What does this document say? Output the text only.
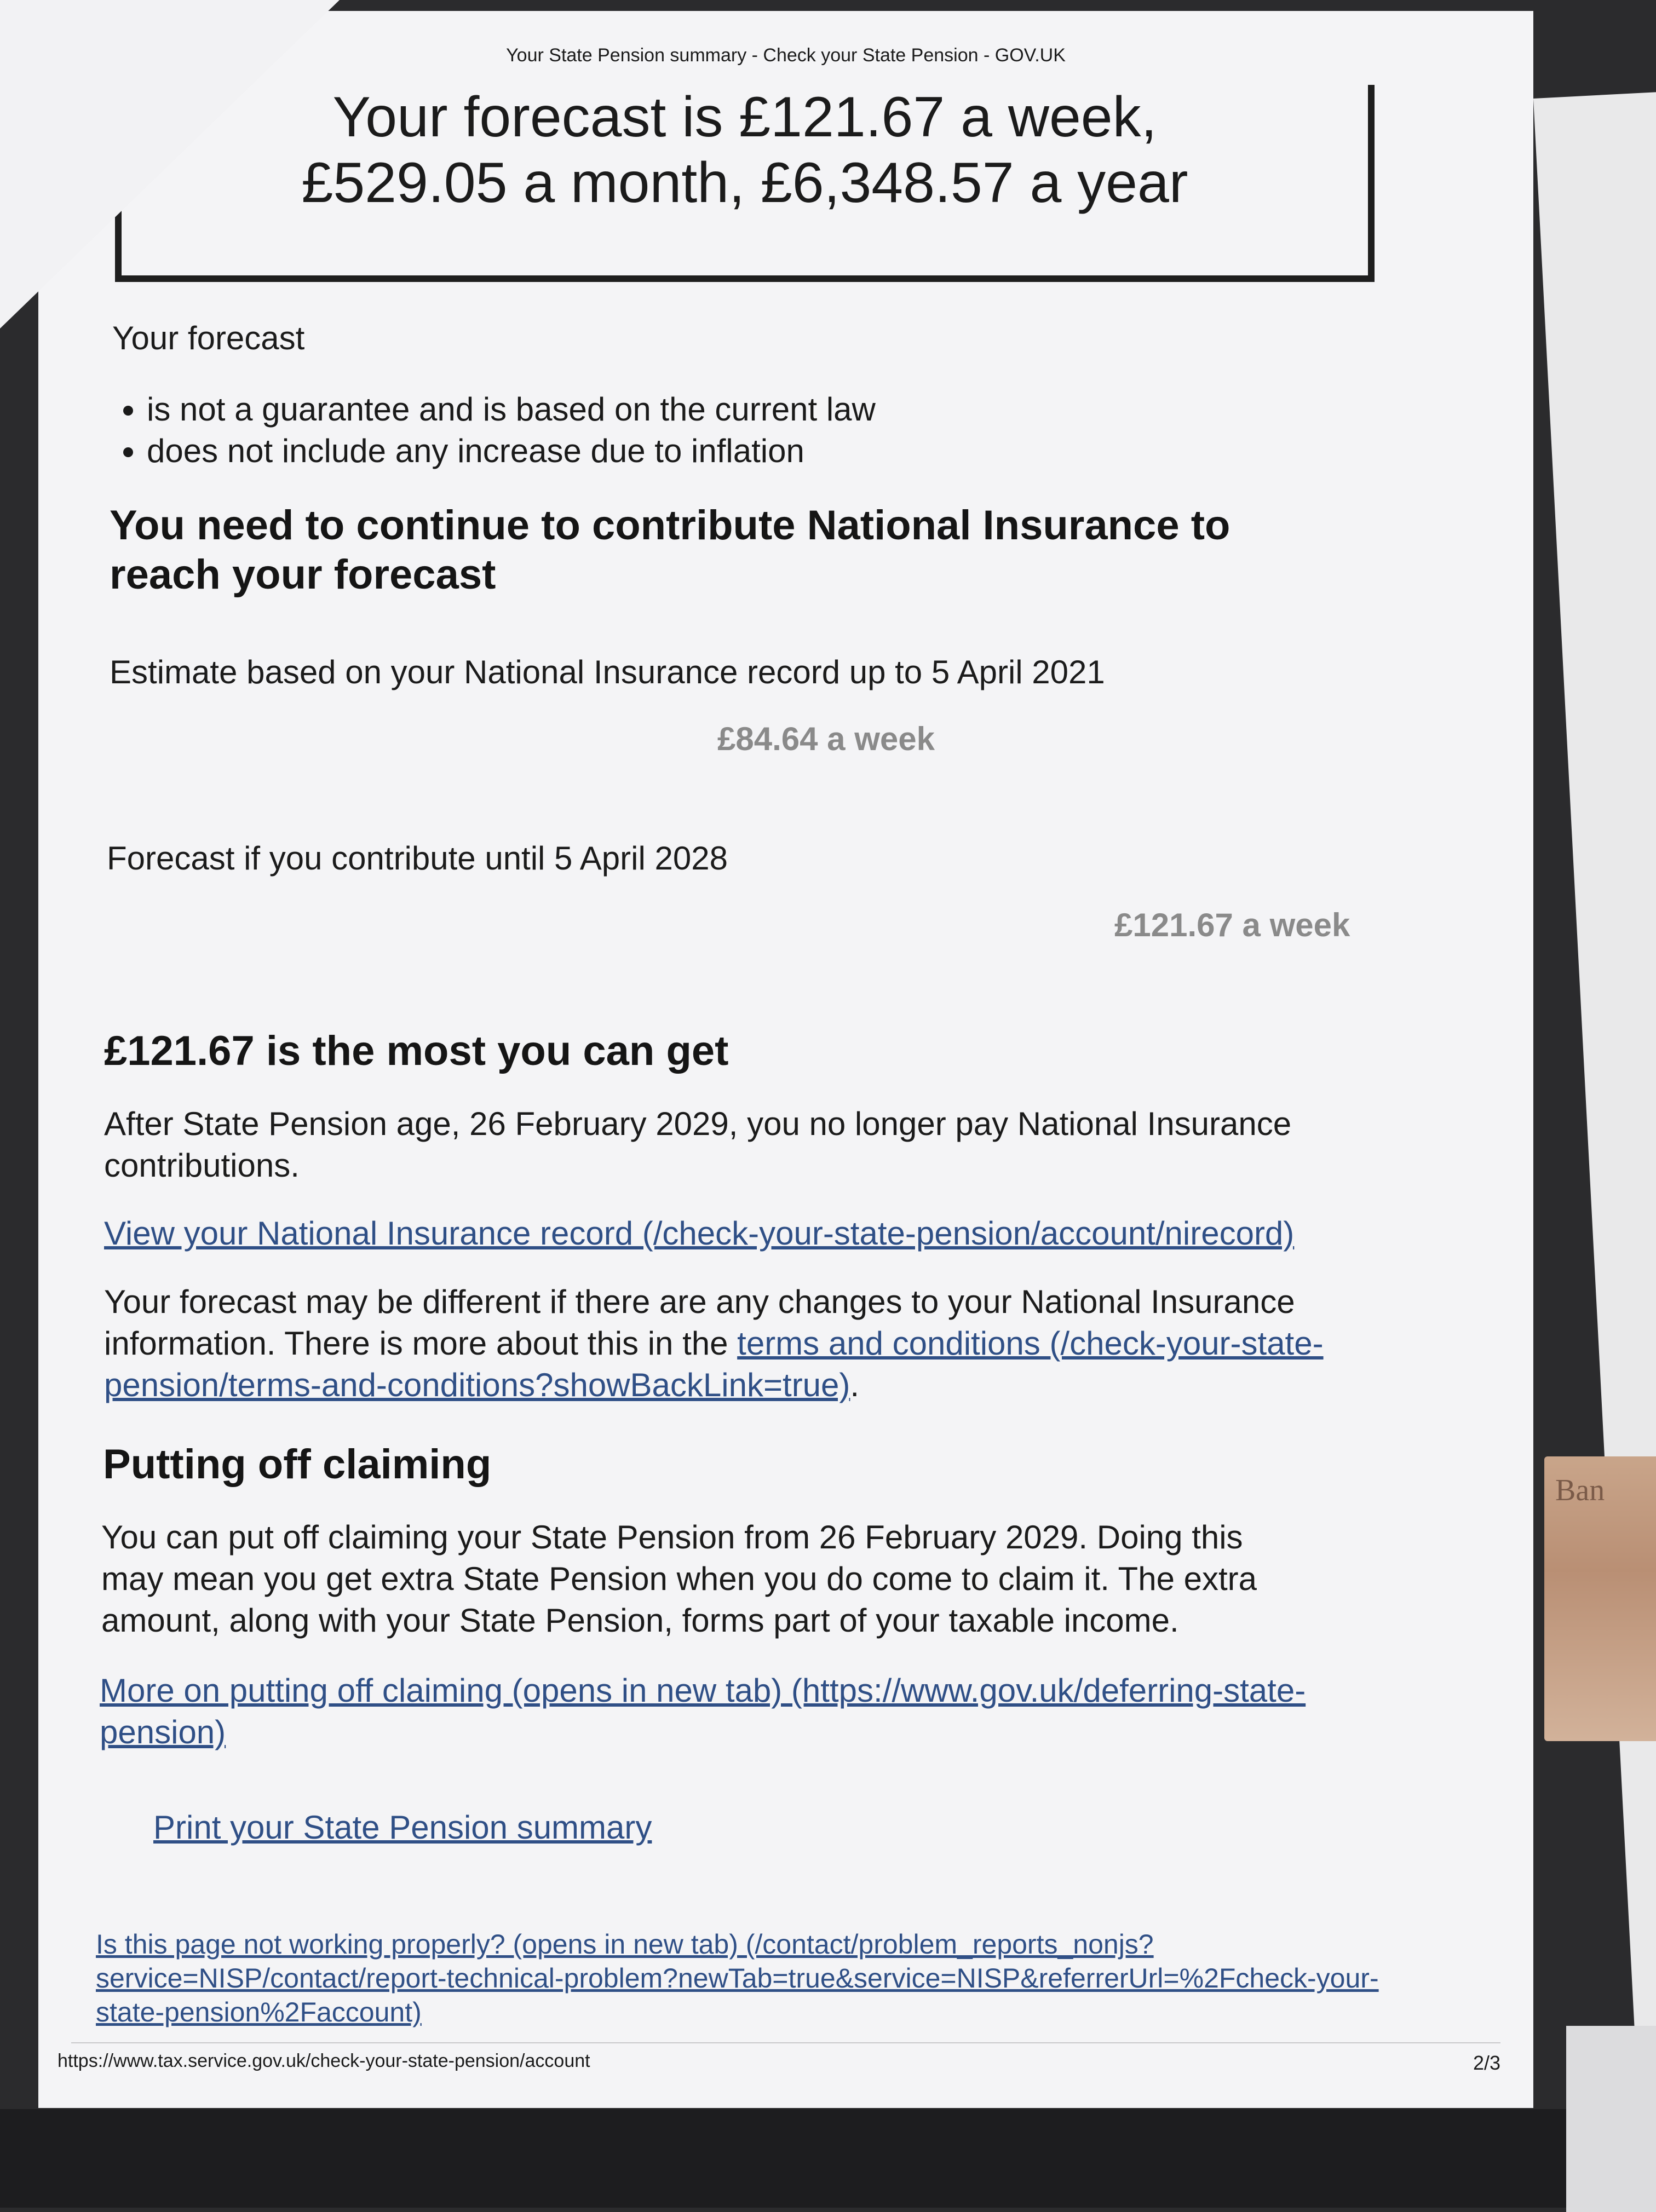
Ban
Your State Pension summary - Check your State Pension - GOV.UK
Your forecast is £121.67 a week,
£529.05 a month, £6,348.57 a year

Your forecast

• is not a guarantee and is based on the current law
• does not include any increase due to inflation
You need to continue to contribute National Insurance to
reach your forecast

Estimate based on your National Insurance record up to 5 April 2021

£84.64 a week

Forecast if you contribute until 5 April 2028

£121.67 a week
£121.67 is the most you can get

After State Pension age, 26 February 2029, you no longer pay National Insurance
contributions.

View your National Insurance record (/check-your-state-pension/account/nirecord)

Your forecast may be different if there are any changes to your National Insurance
information. There is more about this in the terms and conditions (/check-your-state-
pension/terms-and-conditions?showBackLink=true).

Putting off claiming

You can put off claiming your State Pension from 26 February 2029. Doing this
may mean you get extra State Pension when you do come to claim it. The extra
amount, along with your State Pension, forms part of your taxable income.

More on putting off claiming (opens in new tab) (https://www.gov.uk/deferring-state-
pension)

Print your State Pension summary

Is this page not working properly? (opens in new tab) (/contact/problem_reports_nonjs?
service=NISP/contact/report-technical-problem?newTab=true&service=NISP&referrerUrl=%2Fcheck-your-
state-pension%2Faccount)

https://www.tax.service.gov.uk/check-your-state-pension/account	2/3
